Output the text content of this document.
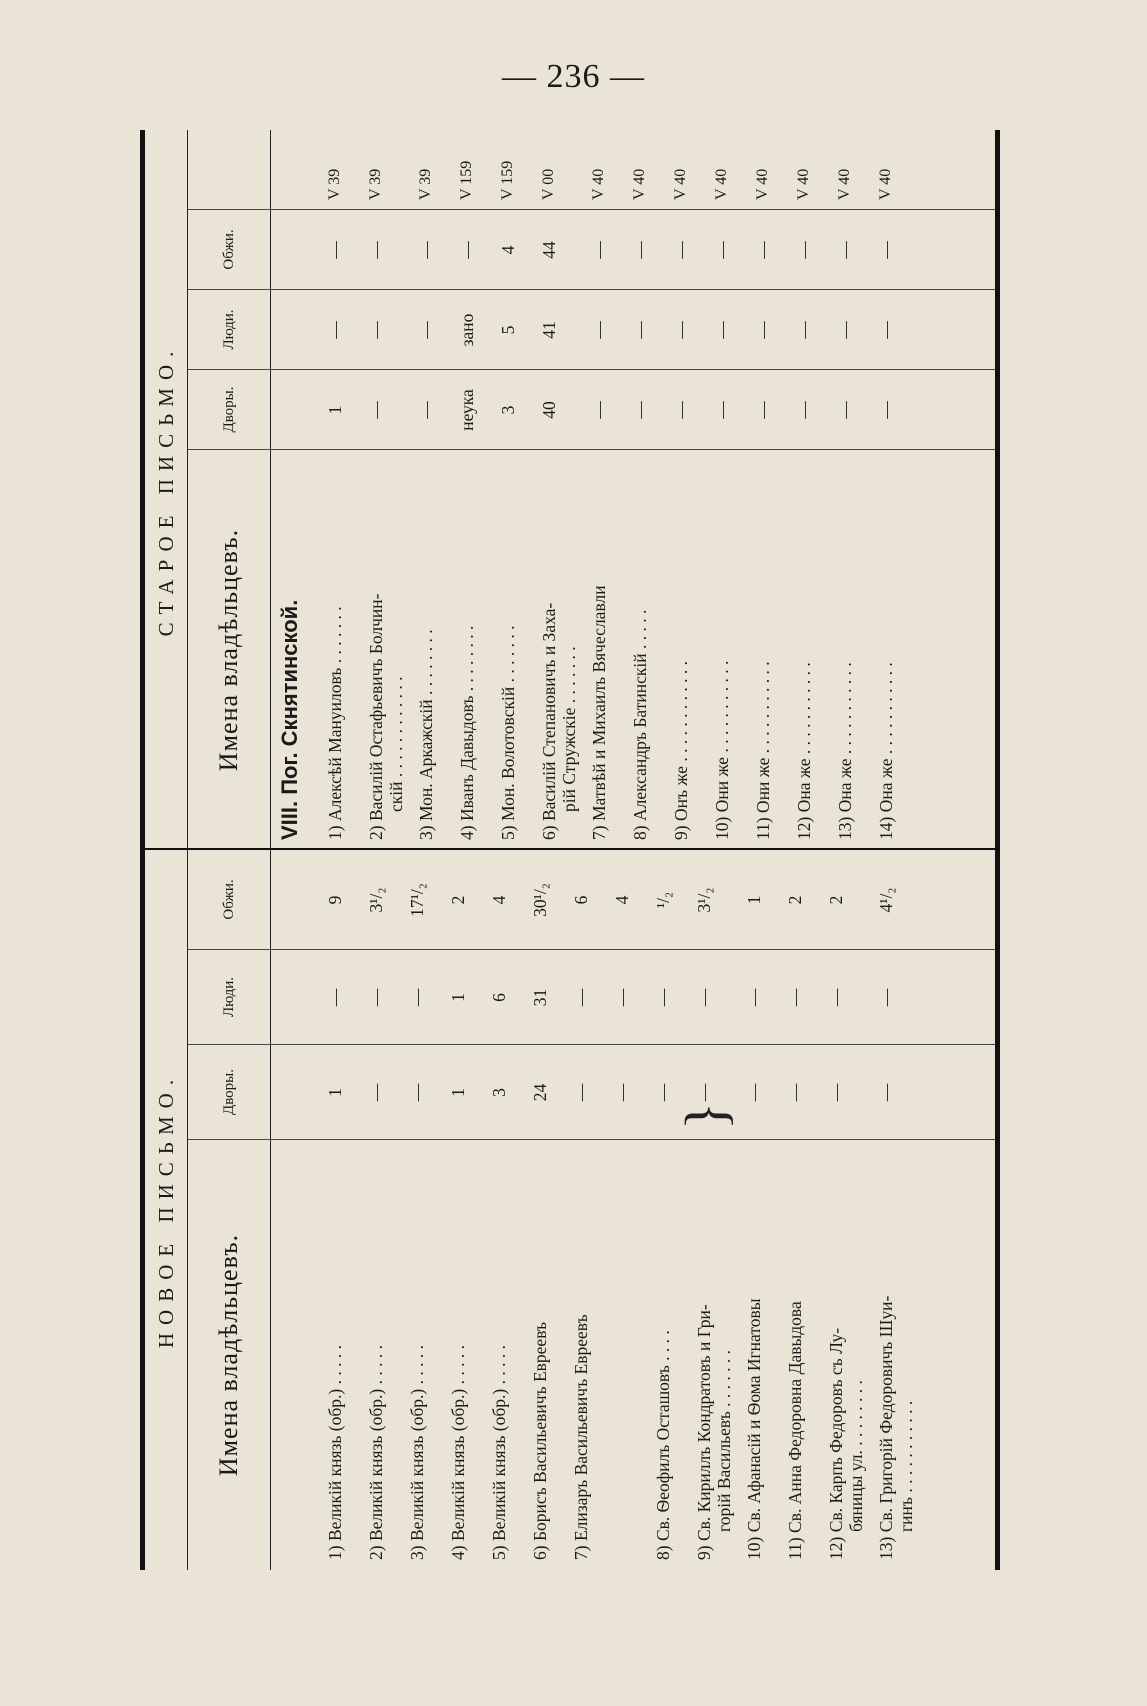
— 236 —
НОВОЕ ПИСЬМО.
Имена владѣльцевъ.
Дворы.
Люди.
Обжи.
1) Великій князь (обр.) . . . . .
1
—
9
2) Великій князь (обр.) . . . . .
—
—
3¹/₂
3) Великій князь (обр.) . . . . .
—
—
17¹/₂
4) Великій князь (обр.) . . . . .
1
1
2
5) Великій князь (обр.) . . . . .
3
6
4
6) Борисъ Васильевичъ Евреевъ
24
31
30¹/₂
7) Елизаръ Васильевичъ Евреевъ
—
—
6
—
—
4
8) Св. Ѳеофилъ Осташовъ . . . .
—
—
¹/₂
9) Св. Кириллъ Кондратовъ и Гри- горій Васильевъ . . . . . . .
—
—
3¹/₂
10) Св. Афанасій и Ѳома Игнатовы
—
—
1
11) Св. Анна Федоровна Давыдова
—
—
2
12) Св. Карпъ Федоровъ съ Лу- бяницы ул. . . . . . . . .
—
—
2
13) Св. Григорій Федоровичъ Шуи- гинъ . . . . . . . . . . .
—
—
4¹/₂
СТАРОЕ ПИСЬМО.
Имена владѣльцевъ.
Дворы.
Люди.
Обжи.
VIII. Пог. Скнятинской. 1) Алексѣй Мануиловъ . . . . . . .
1
—
—
V 39
2) Василій Остафьевичъ Болчин- скій . . . . . . . . . . . .
—
—
—
V 39
3) Мон. Аркажскій . . . . . . . .
—
—
—
V 39
4) Иванъ Давыдовъ . . . . . . . .
неука
зано
—
V 159
5) Мон. Волотовскій . . . . . . .
3
5
4
V 159
6) Василій Степановичъ и Заха- рій Стружскіе . . . . . . .
40
41
44
V 00
7) Матвѣй и Михаилъ Вячеславли
—
—
—
V 40
8) Александръ Батинскій . . . . .
—
—
—
V 40
9) Онъ же . . . . . . . . . . . .
—
—
—
V 40
10) Они же . . . . . . . . . . .
—
—
—
V 40
11) Они же . . . . . . . . . . .
—
—
—
V 40
12) Она же . . . . . . . . . . .
—
—
—
V 40
13) Она же . . . . . . . . . . .
—
—
—
V 40
14) Она же . . . . . . . . . . .
—
—
—
V 40
}
